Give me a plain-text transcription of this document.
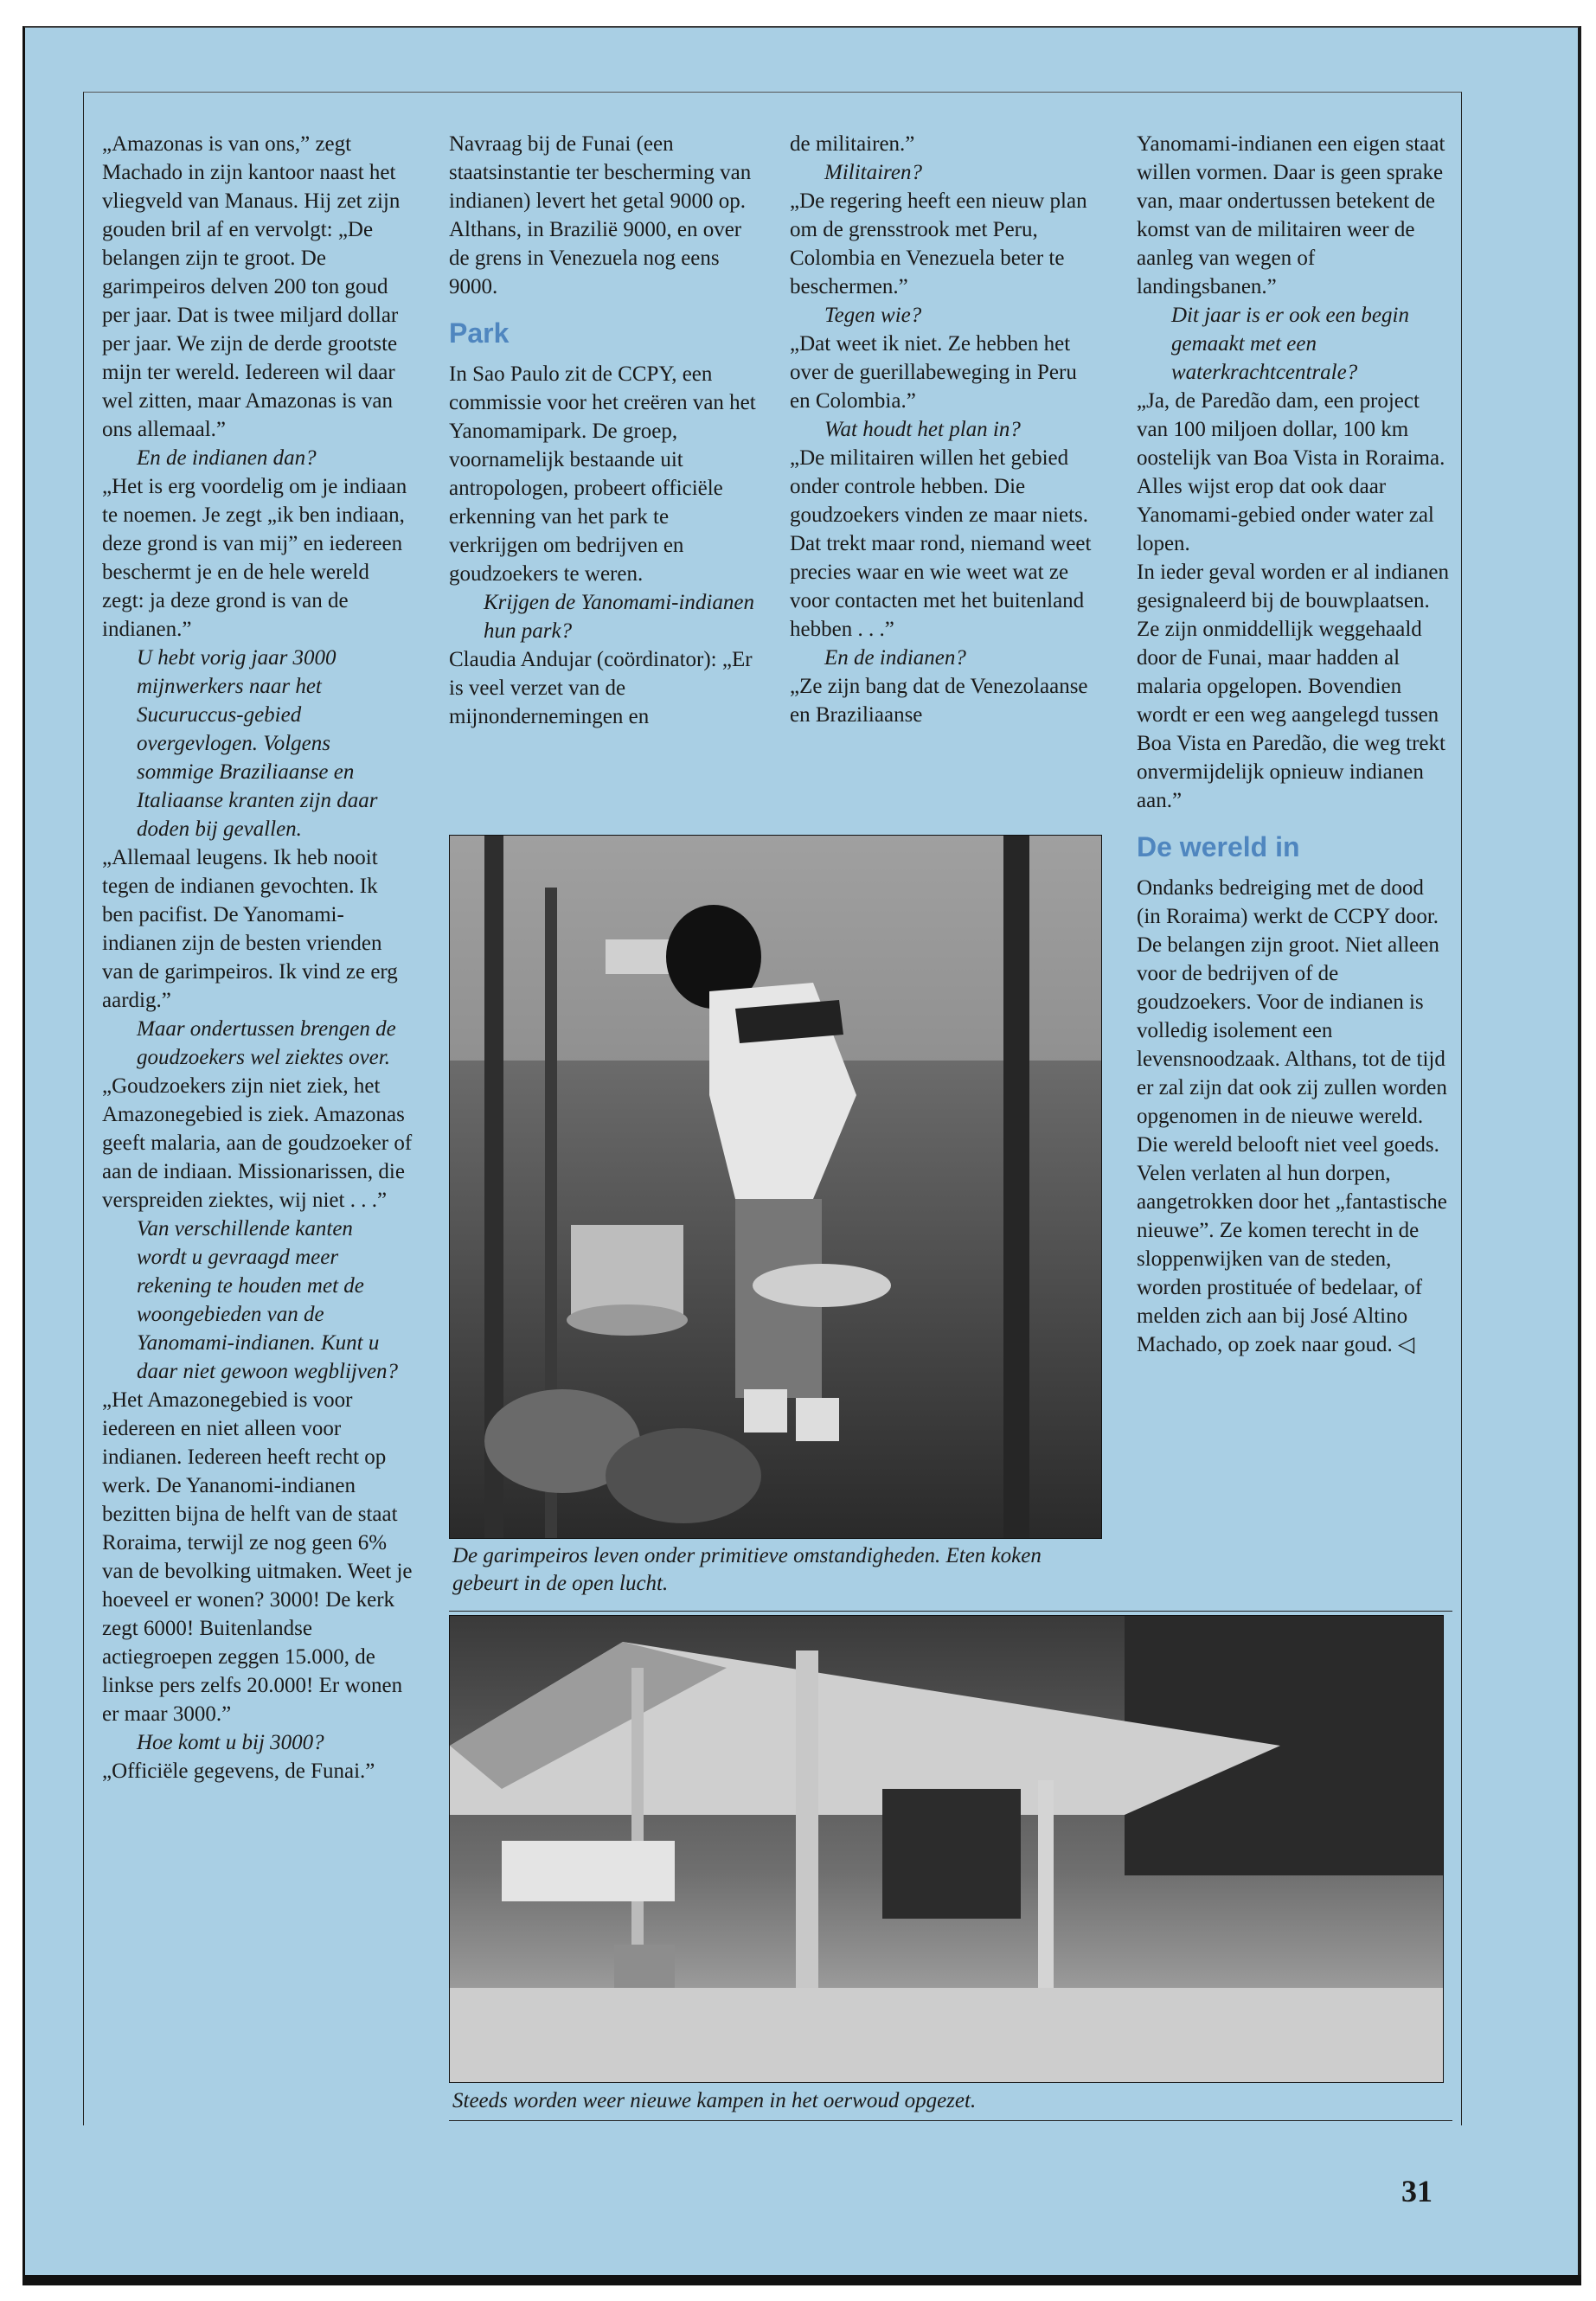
„Amazonas is van ons,” zegt Machado in zijn kantoor naast het vliegveld van Manaus. Hij zet zijn gouden bril af en vervolgt: „De belangen zijn te groot. De garimpeiros delven 200 ton goud per jaar. Dat is twee miljard dollar per jaar. We zijn de derde grootste mijn ter wereld. Iedereen wil daar wel zitten, maar Amazonas is van ons allemaal.”

En de indianen dan?

„Het is erg voordelig om je indiaan te noemen. Je zegt „ik ben indiaan, deze grond is van mij” en iedereen beschermt je en de hele wereld zegt: ja deze grond is van de indianen.”

U hebt vorig jaar 3000 mijnwerkers naar het Sucuruccus-gebied overgevlogen. Volgens sommige Braziliaanse en Italiaanse kranten zijn daar doden bij gevallen.

„Allemaal leugens. Ik heb nooit tegen de indianen gevochten. Ik ben pacifist. De Yanomami-indianen zijn de besten vrienden van de garimpeiros. Ik vind ze erg aardig.”

Maar ondertussen brengen de goudzoekers wel ziektes over.

„Goudzoekers zijn niet ziek, het Amazonegebied is ziek. Amazonas geeft malaria, aan de goudzoeker of aan de indiaan. Missionarissen, die verspreiden ziektes, wij niet . . .”

Van verschillende kanten wordt u gevraagd meer rekening te houden met de woongebieden van de Yanomami-indianen. Kunt u daar niet gewoon wegblijven?

„Het Amazonegebied is voor iedereen en niet alleen voor indianen. Iedereen heeft recht op werk. De Yananomi-indianen bezitten bijna de helft van de staat Roraima, terwijl ze nog geen 6% van de bevolking uitmaken. Weet je hoeveel er wonen? 3000! De kerk zegt 6000! Buitenlandse actiegroepen zeggen 15.000, de linkse pers zelfs 20.000! Er wonen er maar 3000.”

Hoe komt u bij 3000?

„Officiële gegevens, de Funai.”

Navraag bij de Funai (een staatsinstantie ter bescherming van indianen) levert het getal 9000 op. Althans, in Brazilië 9000, en over de grens in Venezuela nog eens 9000.

Park

In Sao Paulo zit de CCPY, een commissie voor het creëren van het Yanomamipark. De groep, voornamelijk bestaande uit antropologen, probeert officiële erkenning van het park te verkrijgen om bedrijven en goudzoekers te weren.

Krijgen de Yanomami-indianen hun park?

Claudia Andujar (coördinator): „Er is veel verzet van de mijnondernemingen en

de militairen.”

Militairen?

„De regering heeft een nieuw plan om de grensstrook met Peru, Colombia en Venezuela beter te beschermen.”

Tegen wie?

„Dat weet ik niet. Ze hebben het over de guerillabeweging in Peru en Colombia.”

Wat houdt het plan in?

„De militairen willen het gebied onder controle hebben. Die goudzoekers vinden ze maar niets. Dat trekt maar rond, niemand weet precies waar en wie weet wat ze voor contacten met het buitenland hebben . . .”

En de indianen?

„Ze zijn bang dat de Venezolaanse en Braziliaanse

Yanomami-indianen een eigen staat willen vormen. Daar is geen sprake van, maar ondertussen betekent de komst van de militairen weer de aanleg van wegen of landingsbanen.”

Dit jaar is er ook een begin gemaakt met een waterkrachtcentrale?

„Ja, de Paredão dam, een project van 100 miljoen dollar, 100 km oostelijk van Boa Vista in Roraima. Alles wijst erop dat ook daar Yanomami-gebied onder water zal lopen.

In ieder geval worden er al indianen gesignaleerd bij de bouwplaatsen. Ze zijn onmiddellijk weggehaald door de Funai, maar hadden al malaria opgelopen. Bovendien wordt er een weg aangelegd tussen Boa Vista en Paredão, die weg trekt onvermijdelijk opnieuw indianen aan.”

De wereld in

Ondanks bedreiging met de dood (in Roraima) werkt de CCPY door. De belangen zijn groot. Niet alleen voor de bedrijven of de goudzoekers. Voor de indianen is volledig isolement een levensnoodzaak. Althans, tot de tijd er zal zijn dat ook zij zullen worden opgenomen in de nieuwe wereld.

Die wereld belooft niet veel goeds. Velen verlaten al hun dorpen, aangetrokken door het „fantastische nieuwe”. Ze komen terecht in de sloppenwijken van de steden, worden prostituée of bedelaar, of melden zich aan bij José Altino Machado, op zoek naar goud. ◁

De garimpeiros leven onder primitieve omstandigheden. Eten koken gebeurt in de open lucht.
Steeds worden weer nieuwe kampen in het oerwoud opgezet.
31
